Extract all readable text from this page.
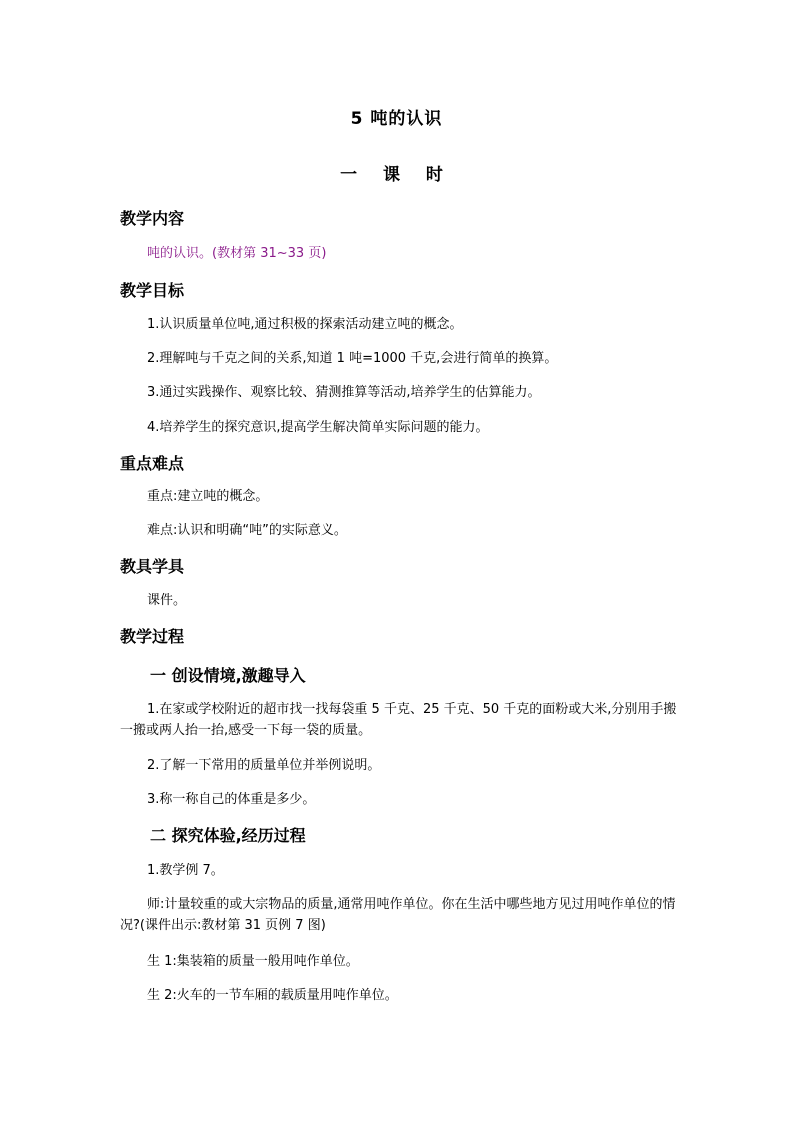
5 吨的认识
一 课 时
教学内容
吨的认识。(教材第 31~33 页)
教学目标
1.认识质量单位吨,通过积极的探索活动建立吨的概念。
2.理解吨与千克之间的关系,知道 1 吨=1000 千克,会进行简单的换算。
3.通过实践操作、观察比较、猜测推算等活动,培养学生的估算能力。
4.培养学生的探究意识,提高学生解决简单实际问题的能力。
重点难点
重点:建立吨的概念。
难点:认识和明确“吨”的实际意义。
教具学具
课件。
教学过程
一 创设情境,激趣导入
1.在家或学校附近的超市找一找每袋重 5 千克、25 千克、50 千克的面粉或大米,分别用手搬一搬或两人抬一抬,感受一下每一袋的质量。
2.了解一下常用的质量单位并举例说明。
3.称一称自己的体重是多少。
二 探究体验,经历过程
1.教学例 7。
师:计量较重的或大宗物品的质量,通常用吨作单位。你在生活中哪些地方见过用吨作单位的情况?(课件出示:教材第 31 页例 7 图)
生 1:集装箱的质量一般用吨作单位。
生 2:火车的一节车厢的载质量用吨作单位。
